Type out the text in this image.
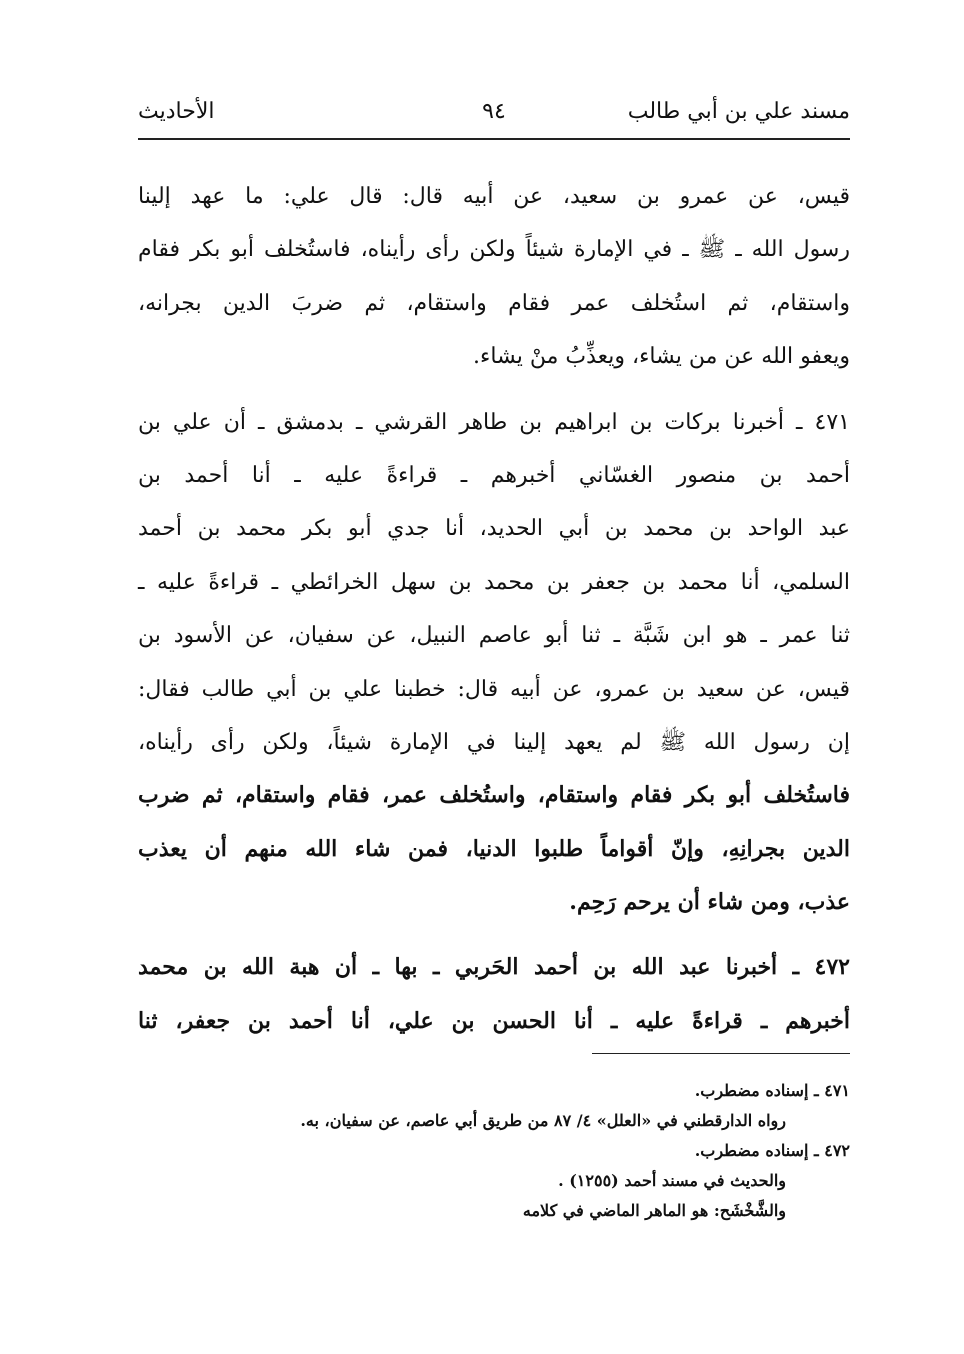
مسند علي بن أبي طالب
٩٤
الأحاديث
قيس، عن عمرو بن سعيد، عن أبيه قال: قال علي: ما عهد إلينا
رسول الله ـ ﷺ ـ في الإمارة شيئاً ولكن رأى رأيناه، فاستُخلف أبو بكر فقام
واستقام، ثم استُخلف عمر فقام واستقام، ثم ضربَ الدين بجرانه،
ويعفو الله عن من يشاء، ويعذِّبُ منْ يشاء.
٤٧١ ـ أخبرنا بركات بن ابراهيم بن طاهر القرشي ـ بدمشق ـ أن علي بن
أحمد بن منصور الغسّاني أخبرهم ـ قراءةً عليه ـ أنا أحمد بن
عبد الواحد بن محمد بن أبي الحديد، أنا جدي أبو بكر محمد بن أحمد
السلمي، أنا محمد بن جعفر بن محمد بن سهل الخرائطي ـ قراءةً عليه ـ
ثنا عمر ـ هو ابن شَبَّة ـ ثنا أبو عاصم النبيل، عن سفيان، عن الأسود بن
قيس، عن سعيد بن عمرو، عن أبيه قال: خطبنا علي بن أبي طالب فقال:
إن رسول الله ﷺ لم يعهد إلينا في الإمارة شيئاً، ولكن رأى رأيناه،
فاستُخلف أبو بكر فقام واستقام، واستُخلف عمر، فقام واستقام، ثم ضرب
الدين بجرانِهِ، وإنّ أقواماً طلبوا الدنيا، فمن شاء الله منهم أن يعذب
عذب، ومن شاء أن يرحم رَحِم.
٤٧٢ ـ أخبرنا عبد الله بن أحمد الحَربي ـ بها ـ أن هبة الله بن محمد
أخبرهم ـ قراءةً عليه ـ أنا الحسن بن علي، أنا أحمد بن جعفر، ثنا
٤٧١ ـ إسناده مضطرب.
رواه الدارقطني في «العلل» ٤/ ٨٧ من طريق أبي عاصم، عن سفيان، به.
٤٧٢ ـ إسناده مضطرب.
والحديث في مسند أحمد (١٢٥٥) .
والشَّخْشَح: هو الماهر الماضي في كلامه
